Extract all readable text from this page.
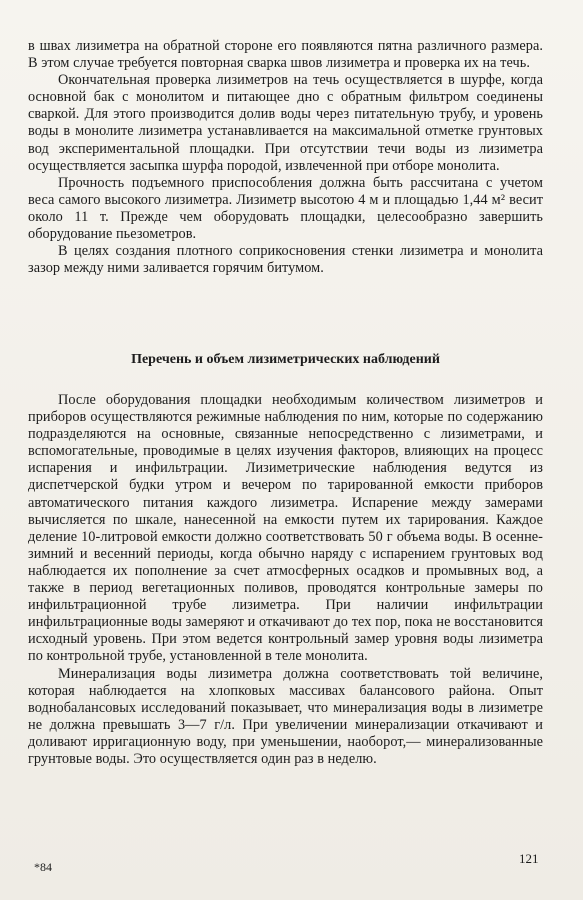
в швах лизиметра на обратной стороне его появляются пятна различного размера. В этом случае требуется повторная сварка швов лизиметра и проверка их на течь.

Окончательная проверка лизиметров на течь осуществляется в шурфе, когда основной бак с монолитом и питающее дно с обратным фильтром соединены сваркой. Для этого производится долив воды через питательную трубу, и уровень воды в монолите лизиметра устанавливается на максимальной отметке грунтовых вод экспериментальной площадки. При отсутствии течи воды из лизиметра осуществляется засыпка шурфа породой, извлеченной при отборе монолита.

Прочность подъемного приспособления должна быть рассчитана с учетом веса самого высокого лизиметра. Лизиметр высотою 4 м и площадью 1,44 м² весит около 11 т. Прежде чем оборудовать площадки, целесообразно завершить оборудование пьезометров.

В целях создания плотного соприкосновения стенки лизиметра и монолита зазор между ними заливается горячим битумом.

Перечень и объем лизиметрических наблюдений

После оборудования площадки необходимым количеством лизиметров и приборов осуществляются режимные наблюдения по ним, которые по содержанию подразделяются на основные, связанные непосредственно с лизиметрами, и вспомогательные, проводимые в целях изучения факторов, влияющих на процесс испарения и инфильтрации. Лизиметрические наблюдения ведутся из диспетчерской будки утром и вечером по тарированной емкости приборов автоматического питания каждого лизиметра. Испарение между замерами вычисляется по шкале, нанесенной на емкости путем их тарирования. Каждое деление 10-литровой емкости должно соответствовать 50 г объема воды. В осенне-зимний и весенний периоды, когда обычно наряду с испарением грунтовых вод наблюдается их пополнение за счет атмосферных осадков и промывных вод, а также в период вегетационных поливов, проводятся контрольные замеры по инфильтрационной трубе лизиметра. При наличии инфильтрации инфильтрационные воды замеряют и откачивают до тех пор, пока не восстановится исходный уровень. При этом ведется контрольный замер уровня воды лизиметра по контрольной трубе, установленной в теле монолита.

Минерализация воды лизиметра должна соответствовать той величине, которая наблюдается на хлопковых массивах балансового района. Опыт воднобалансовых исследований показывает, что минерализация воды в лизиметре не должна превышать 3—7 г/л. При увеличении минерализации откачивают и доливают ирригационную воду, при уменьшении, наоборот,— минерализованные грунтовые воды. Это осуществляется один раз в неделю.

*84
121
